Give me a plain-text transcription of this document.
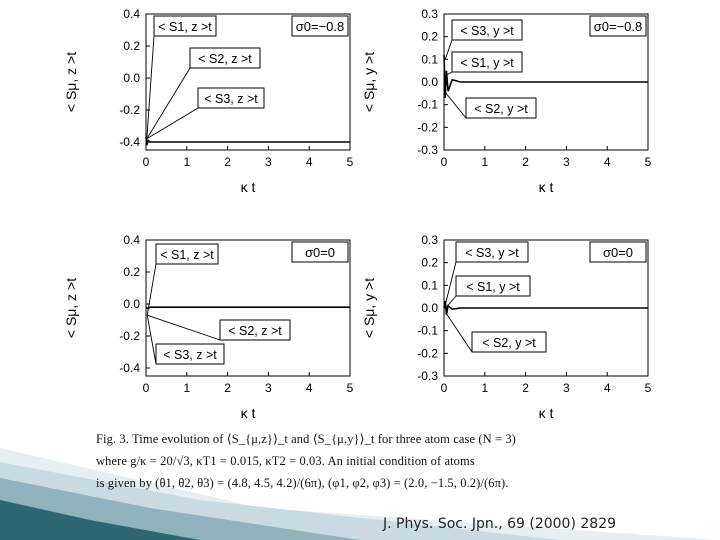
0	1	2	3	4	5
0.4
0.2
0.0
-0.2
-0.4
κ t
< Sμ, z >t
σ0=−0.8
< S1, z >t
< S2, z >t
< S3, z >t
0	1	2	3	4	5
0.3
0.2
0.1
0.0
-0.1
-0.2
-0.3
κ t
< Sμ, y >t
σ0=−0.8
< S3, y >t
< S1, y >t
< S2, y >t
0	1	2	3	4	5
0.4
0.2
0.0
-0.2
-0.4
κ t
< Sμ, z >t
σ0=0
< S1, z >t
< S2, z >t
< S3, z >t
0	1	2	3	4	5
0.3
0.2
0.1
0.0
-0.1
-0.2
-0.3
κ t
< Sμ, y >t
σ0=0
< S3, y >t
< S1, y >t
< S2, y >t
Fig. 3. Time evolution of ⟨S_{μ,z}⟩_t and ⟨S_{μ,y}⟩_t for three atom case (N = 3)
where g/κ = 20/√3, κT1 = 0.015, κT2 = 0.03. An initial condition of atoms
is given by (θ1, θ2, θ3) = (4.8, 4.5, 4.2)/(6π), (φ1, φ2, φ3) = (2.0, −1.5, 0.2)/(6π).
J. Phys. Soc. Jpn., 69 (2000) 2829
